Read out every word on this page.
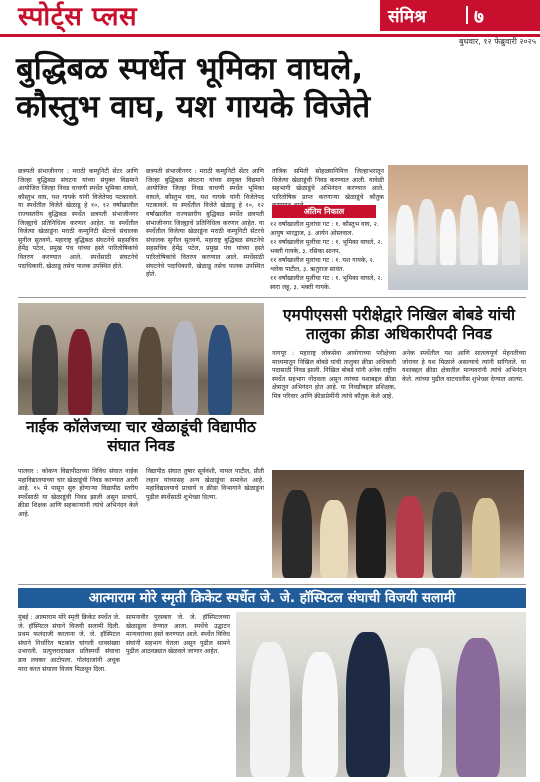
स्पोर्ट्स प्लस	संमिश्र	७
बुधवार, १२ फेब्रुवारी २०२५
बुद्धिबळ स्पर्धेत भूमिका वाघले,
कौस्तुभ वाघ, यश गायके विजेते
छत्रपती संभाजीनगर : मराठी कम्युनिटी सेंटर आणि जिल्हा बुद्धिबळ संघटना यांच्या संयुक्त विद्यमाने आयोजित जिल्हा निवड चाचणी स्पर्धेत भूमिका वाघले, कौस्तुभ वाघ, यश गायके यांनी विजेतेपद पटकावले. या स्पर्धेतील विजेते खेळाडू हे १०, १२ वर्षांखालील राज्यस्तरीय बुद्धिबळ स्पर्धेत छत्रपती संभाजीनगर जिल्ह्याचे प्रतिनिधित्व करणार आहेत. या स्पर्धेतील विजेत्या खेळाडूंना मराठी कम्युनिटी सेंटरचे संचालक सुनील सुतवणे, महाराष्ट्र बुद्धिबळ संघटनेचे सहसचिव हेमेंद्र पटेल, प्रमुख पंच यांच्या हस्ते पारितोषिकांचे वितरण करण्यात आले. स्पर्धेसाठी संघटनेचे पदाधिकारी, खेळाडू तसेच पालक उपस्थित होते.
छत्रपती संभाजीनगर : मराठी कम्युनिटी सेंटर आणि जिल्हा बुद्धिबळ संघटना यांच्या संयुक्त विद्यमाने आयोजित जिल्हा निवड चाचणी स्पर्धेत भूमिका वाघले, कौस्तुभ वाघ, यश गायके यांनी विजेतेपद पटकावले. या स्पर्धेतील विजेते खेळाडू हे १०, १२ वर्षांखालील राज्यस्तरीय बुद्धिबळ स्पर्धेत छत्रपती संभाजीनगर जिल्ह्याचे प्रतिनिधित्व करणार आहेत. या स्पर्धेतील विजेत्या खेळाडूंना मराठी कम्युनिटी सेंटरचे संचालक सुनील सुतवणे, महाराष्ट्र बुद्धिबळ संघटनेचे सहसचिव हेमेंद्र पटेल, प्रमुख पंच यांच्या हस्ते पारितोषिकांचे वितरण करण्यात आले. स्पर्धेसाठी संघटनेचे पदाधिकारी, खेळाडू तसेच पालक उपस्थित होते.
तांत्रिक समिती सोहळ्यानिमित्त जिल्हाभरातून विजेत्या खेळाडूंची निवड करण्यात आली. यावेळी सहभागी खेळाडूंचे अभिनंदन करण्यात आले. पारितोषिक प्राप्त करणाऱ्या खेळाडूंचे कौतुक
अंतिम निकाल
१२ वर्षांखालील मुलांचा गट : १. कौस्तुभ वाघ, २. आयुष भारद्वाज, ३. आर्यन ओस्तवाल.
१२ वर्षांखालील मुलींचा गट : १. भूमिका वाघले, २. भक्ती गायके, ३. रसिका सानप.
११ वर्षांखालील मुलांचा गट : १. यश गायके, २. श्लोक पाटील, ३. ऋतुराज सावंत.
११ वर्षांखालील मुलींचा गट : १. भूमिका वाघले, २. स्वरा लहू, ३. भक्ती गायके.
एमपीएससी परीक्षेद्वारे निखिल बोबडे यांची तालुका क्रीडा अधिकारीपदी निवड
नागपूर : महाराष्ट्र लोकसेवा आयोगाच्या परीक्षेच्या माध्यमातून निखिल बोबडे यांची तालुका क्रीडा अधिकारी पदासाठी निवड झाली. निखिल बोबडे यांनी अनेक राष्ट्रीय स्पर्धेत सहभाग नोंदवला असून त्यांच्या यशाबद्दल क्रीडा क्षेत्रातून अभिनंदन होत आहे. या निवडीबद्दल प्रशिक्षक, मित्र परिवार आणि क्रीडाप्रेमींनी त्यांचे कौतुक केले आहे.
अनेक स्पर्धेतील यश आणि सातत्यपूर्ण मेहनतीच्या जोरावर हे यश मिळाले असल्याचे त्यांनी सांगितले. या यशाबद्दल क्रीडा क्षेत्रातील मान्यवरांनी त्यांचे अभिनंदन केले. त्यांच्या पुढील वाटचालीस शुभेच्छा देण्यात आल्या.
नाईक कॉलेजच्या चार खेळाडूंची विद्यापीठ संघात निवड
पालघर : कोकण विद्यापीठाच्या विविध संघात नाईक महाविद्यालयाच्या चार खेळाडूंची निवड करण्यात आली आहे. १५ मे पासून सुरु होणाऱ्या विद्यापीठ स्तरीय स्पर्धेसाठी या खेळाडूंची निवड झाली असून प्राचार्य, क्रीडा शिक्षक आणि सहकाऱ्यांनी त्यांचे अभिनंदन केले आहे.
विद्यापीठ संघात तुषार सूर्यवंशी, पायल पाटील, प्रीती लहान यांच्यासह अन्य खेळाडूंचा समावेश आहे. महाविद्यालयाचे प्राचार्य व क्रीडा विभागाने खेळाडूंना पुढील स्पर्धेसाठी शुभेच्छा दिल्या.
आत्माराम मोरे स्मृती क्रिकेट स्पर्धेत जे. जे. हॉस्पिटल संघाची विजयी सलामी
मुंबई : आत्माराम मोरे स्मृती क्रिकेट स्पर्धेत जे. जे. हॉस्पिटल संघाने विजयी सलामी दिली. प्रथम फलंदाजी करताना जे. जे. हॉस्पिटल संघाने निर्धारित षटकांत चांगली धावसंख्या उभारली. प्रत्युत्तरादाखल प्रतिस्पर्धी संघाचा डाव लवकर आटोपला. गोलंदाजांनी अचूक मारा करत संघाला विजय मिळवून दिला.
सामनावीर पुरस्कार जे. जे. हॉस्पिटलच्या खेळाडूला देण्यात आला. स्पर्धेचे उद्घाटन मान्यवरांच्या हस्ते करण्यात आले. स्पर्धेत विविध संघांनी सहभाग घेतला असून पुढील सामने पुढील आठवड्यात खेळवले जाणार आहेत.
